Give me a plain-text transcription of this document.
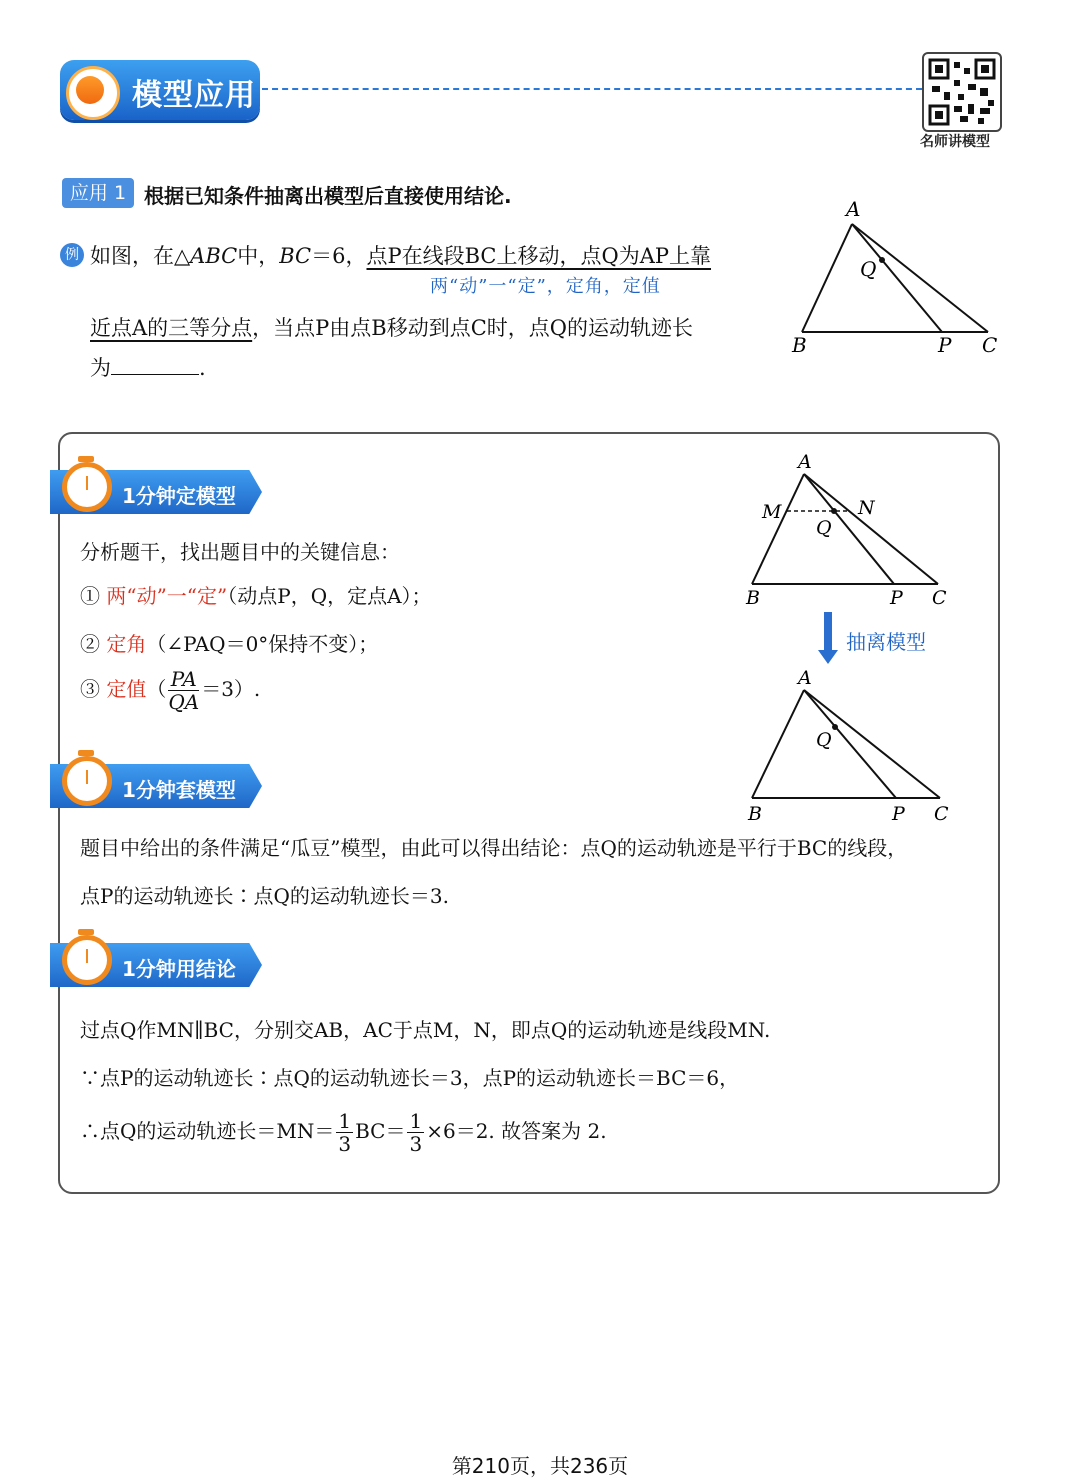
模型应用
名师讲模型
应用 1 根据已知条件抽离出模型后直接使用结论.
例 如图，在△ABC中，BC＝6，点P在线段BC上移动，点Q为AP上靠
两“动”一“定”，定角，定值
近点A的三等分点，当点P由点B移动到点C时，点Q的运动轨迹长
为	.
A
Q
B	P C
1分钟定模型
分析题干，找出题目中的关键信息：
① 两“动”一“定”（动点P，Q，定点A）；
② 定角（∠PAQ＝0°保持不变）；
③ 定值（ $\frac{PA}{QA} =3$）.
A
M	N
Q
B	P C
抽离模型
A
Q
B	P C
1分钟套模型
题目中给出的条件满足“瓜豆”模型，由此可以得出结论：点Q的运动轨迹是平行于BC的线段，
点P的运动轨迹长∶点Q的运动轨迹长＝3.
1分钟用结论
过点Q作MN∥BC，分别交AB，AC于点M，N，即点Q的运动轨迹是线段MN.
∵点P的运动轨迹长∶点Q的运动轨迹长＝3，点P的运动轨迹长＝BC＝6，
∴点Q的运动轨迹长$=MN= \frac{1}{3} BC= \frac{1}{3} \times 6=2$. 故答案为 2.
第210页，共236页
